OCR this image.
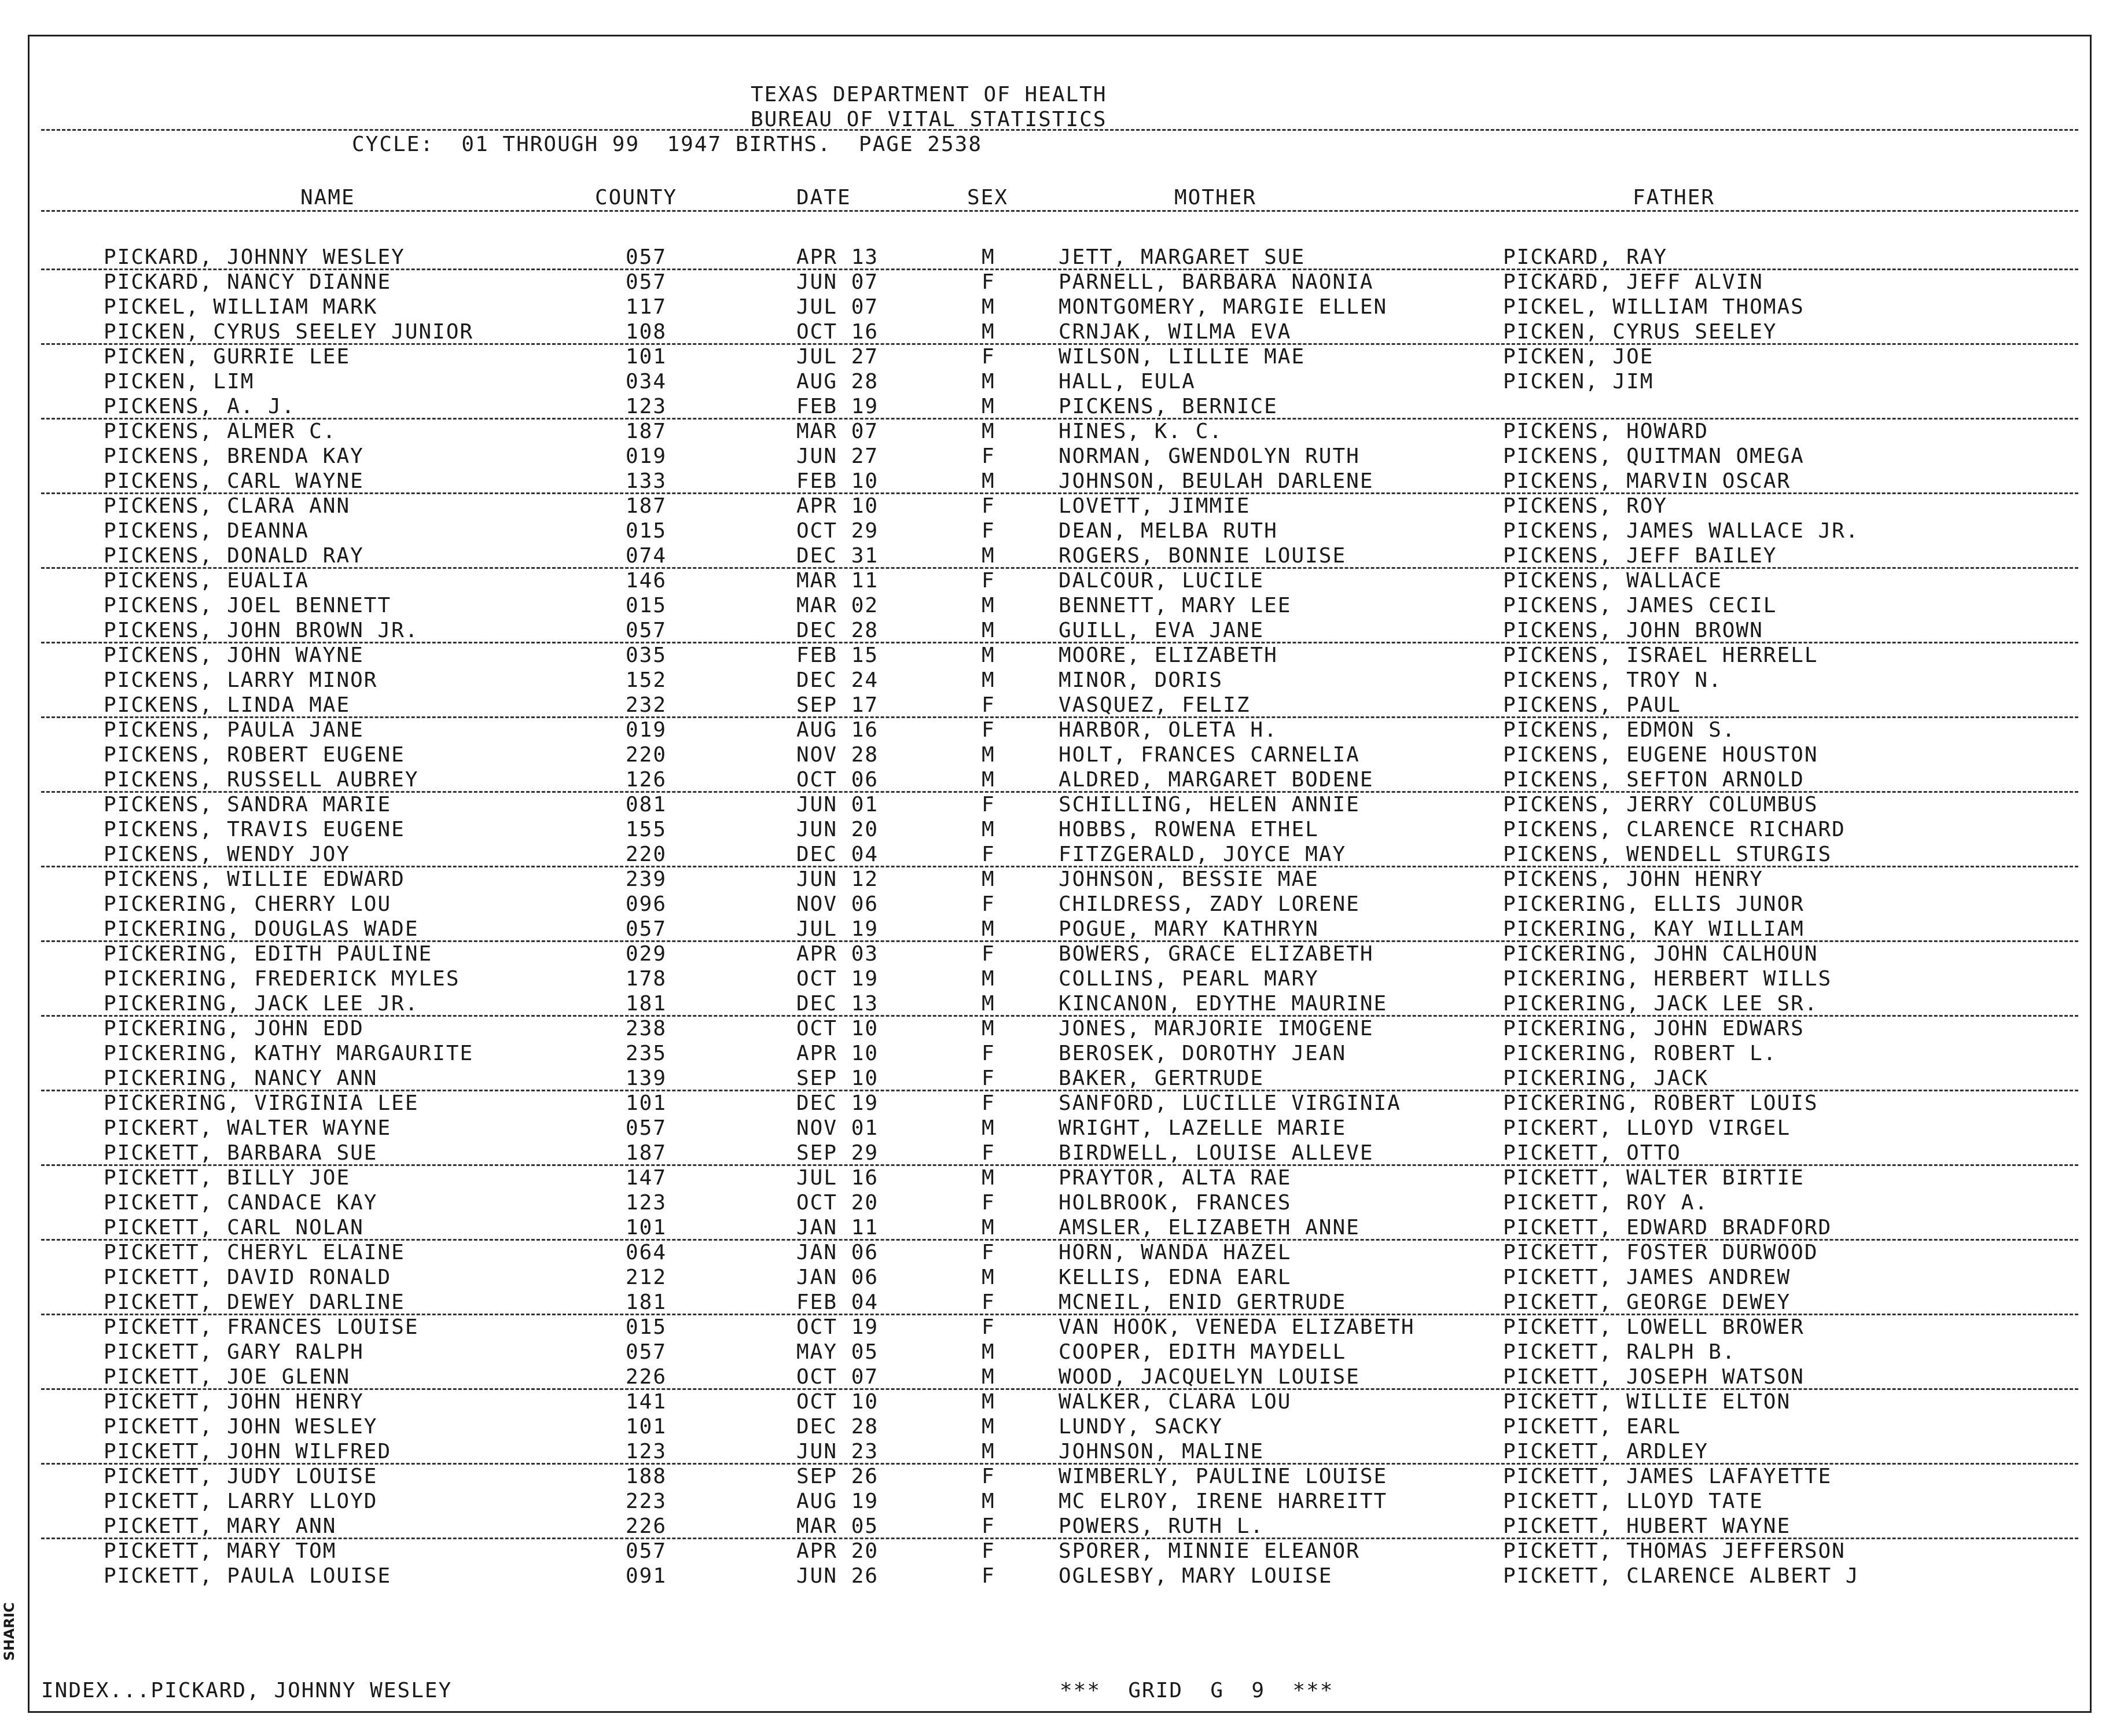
TEXAS DEPARTMENT OF HEALTH
BUREAU OF VITAL STATISTICS
CYCLE:  01 THROUGH 99  1947 BIRTHS.  PAGE 2538
NAME	COUNTY	DATE	SEX	MOTHER	FATHER
PICKARD, JOHNNY WESLEY	057	APR 13	M	JETT, MARGARET SUE	PICKARD, RAY
PICKARD, NANCY DIANNE	057	JUN 07	F	PARNELL, BARBARA NAONIA	PICKARD, JEFF ALVIN
PICKEL, WILLIAM MARK	117	JUL 07	M	MONTGOMERY, MARGIE ELLEN	PICKEL, WILLIAM THOMAS
PICKEN, CYRUS SEELEY JUNIOR	108	OCT 16	M	CRNJAK, WILMA EVA	PICKEN, CYRUS SEELEY
PICKEN, GURRIE LEE	101	JUL 27	F	WILSON, LILLIE MAE	PICKEN, JOE
PICKEN, LIM	034	AUG 28	M	HALL, EULA	PICKEN, JIM
PICKENS, A. J.	123	FEB 19	M	PICKENS, BERNICE
PICKENS, ALMER C.	187	MAR 07	M	HINES, K. C.	PICKENS, HOWARD
PICKENS, BRENDA KAY	019	JUN 27	F	NORMAN, GWENDOLYN RUTH	PICKENS, QUITMAN OMEGA
PICKENS, CARL WAYNE	133	FEB 10	M	JOHNSON, BEULAH DARLENE	PICKENS, MARVIN OSCAR
PICKENS, CLARA ANN	187	APR 10	F	LOVETT, JIMMIE	PICKENS, ROY
PICKENS, DEANNA	015	OCT 29	F	DEAN, MELBA RUTH	PICKENS, JAMES WALLACE JR.
PICKENS, DONALD RAY	074	DEC 31	M	ROGERS, BONNIE LOUISE	PICKENS, JEFF BAILEY
PICKENS, EUALIA	146	MAR 11	F	DALCOUR, LUCILE	PICKENS, WALLACE
PICKENS, JOEL BENNETT	015	MAR 02	M	BENNETT, MARY LEE	PICKENS, JAMES CECIL
PICKENS, JOHN BROWN JR.	057	DEC 28	M	GUILL, EVA JANE	PICKENS, JOHN BROWN
PICKENS, JOHN WAYNE	035	FEB 15	M	MOORE, ELIZABETH	PICKENS, ISRAEL HERRELL
PICKENS, LARRY MINOR	152	DEC 24	M	MINOR, DORIS	PICKENS, TROY N.
PICKENS, LINDA MAE	232	SEP 17	F	VASQUEZ, FELIZ	PICKENS, PAUL
PICKENS, PAULA JANE	019	AUG 16	F	HARBOR, OLETA H.	PICKENS, EDMON S.
PICKENS, ROBERT EUGENE	220	NOV 28	M	HOLT, FRANCES CARNELIA	PICKENS, EUGENE HOUSTON
PICKENS, RUSSELL AUBREY	126	OCT 06	M	ALDRED, MARGARET BODENE	PICKENS, SEFTON ARNOLD
PICKENS, SANDRA MARIE	081	JUN 01	F	SCHILLING, HELEN ANNIE	PICKENS, JERRY COLUMBUS
PICKENS, TRAVIS EUGENE	155	JUN 20	M	HOBBS, ROWENA ETHEL	PICKENS, CLARENCE RICHARD
PICKENS, WENDY JOY	220	DEC 04	F	FITZGERALD, JOYCE MAY	PICKENS, WENDELL STURGIS
PICKENS, WILLIE EDWARD	239	JUN 12	M	JOHNSON, BESSIE MAE	PICKENS, JOHN HENRY
PICKERING, CHERRY LOU	096	NOV 06	F	CHILDRESS, ZADY LORENE	PICKERING, ELLIS JUNOR
PICKERING, DOUGLAS WADE	057	JUL 19	M	POGUE, MARY KATHRYN	PICKERING, KAY WILLIAM
PICKERING, EDITH PAULINE	029	APR 03	F	BOWERS, GRACE ELIZABETH	PICKERING, JOHN CALHOUN
PICKERING, FREDERICK MYLES	178	OCT 19	M	COLLINS, PEARL MARY	PICKERING, HERBERT WILLS
PICKERING, JACK LEE JR.	181	DEC 13	M	KINCANON, EDYTHE MAURINE	PICKERING, JACK LEE SR.
PICKERING, JOHN EDD	238	OCT 10	M	JONES, MARJORIE IMOGENE	PICKERING, JOHN EDWARS
PICKERING, KATHY MARGAURITE	235	APR 10	F	BEROSEK, DOROTHY JEAN	PICKERING, ROBERT L.
PICKERING, NANCY ANN	139	SEP 10	F	BAKER, GERTRUDE	PICKERING, JACK
PICKERING, VIRGINIA LEE	101	DEC 19	F	SANFORD, LUCILLE VIRGINIA	PICKERING, ROBERT LOUIS
PICKERT, WALTER WAYNE	057	NOV 01	M	WRIGHT, LAZELLE MARIE	PICKERT, LLOYD VIRGEL
PICKETT, BARBARA SUE	187	SEP 29	F	BIRDWELL, LOUISE ALLEVE	PICKETT, OTTO
PICKETT, BILLY JOE	147	JUL 16	M	PRAYTOR, ALTA RAE	PICKETT, WALTER BIRTIE
PICKETT, CANDACE KAY	123	OCT 20	F	HOLBROOK, FRANCES	PICKETT, ROY A.
PICKETT, CARL NOLAN	101	JAN 11	M	AMSLER, ELIZABETH ANNE	PICKETT, EDWARD BRADFORD
PICKETT, CHERYL ELAINE	064	JAN 06	F	HORN, WANDA HAZEL	PICKETT, FOSTER DURWOOD
PICKETT, DAVID RONALD	212	JAN 06	M	KELLIS, EDNA EARL	PICKETT, JAMES ANDREW
PICKETT, DEWEY DARLINE	181	FEB 04	F	MCNEIL, ENID GERTRUDE	PICKETT, GEORGE DEWEY
PICKETT, FRANCES LOUISE	015	OCT 19	F	VAN HOOK, VENEDA ELIZABETH	PICKETT, LOWELL BROWER
PICKETT, GARY RALPH	057	MAY 05	M	COOPER, EDITH MAYDELL	PICKETT, RALPH B.
PICKETT, JOE GLENN	226	OCT 07	M	WOOD, JACQUELYN LOUISE	PICKETT, JOSEPH WATSON
PICKETT, JOHN HENRY	141	OCT 10	M	WALKER, CLARA LOU	PICKETT, WILLIE ELTON
PICKETT, JOHN WESLEY	101	DEC 28	M	LUNDY, SACKY	PICKETT, EARL
PICKETT, JOHN WILFRED	123	JUN 23	M	JOHNSON, MALINE	PICKETT, ARDLEY
PICKETT, JUDY LOUISE	188	SEP 26	F	WIMBERLY, PAULINE LOUISE	PICKETT, JAMES LAFAYETTE
PICKETT, LARRY LLOYD	223	AUG 19	M	MC ELROY, IRENE HARREITT	PICKETT, LLOYD TATE
PICKETT, MARY ANN	226	MAR 05	F	POWERS, RUTH L.	PICKETT, HUBERT WAYNE
PICKETT, MARY TOM	057	APR 20	F	SPORER, MINNIE ELEANOR	PICKETT, THOMAS JEFFERSON
PICKETT, PAULA LOUISE	091	JUN 26	F	OGLESBY, MARY LOUISE	PICKETT, CLARENCE ALBERT J
INDEX...PICKARD, JOHNNY WESLEY	***  GRID  G  9  ***
SHARIC
